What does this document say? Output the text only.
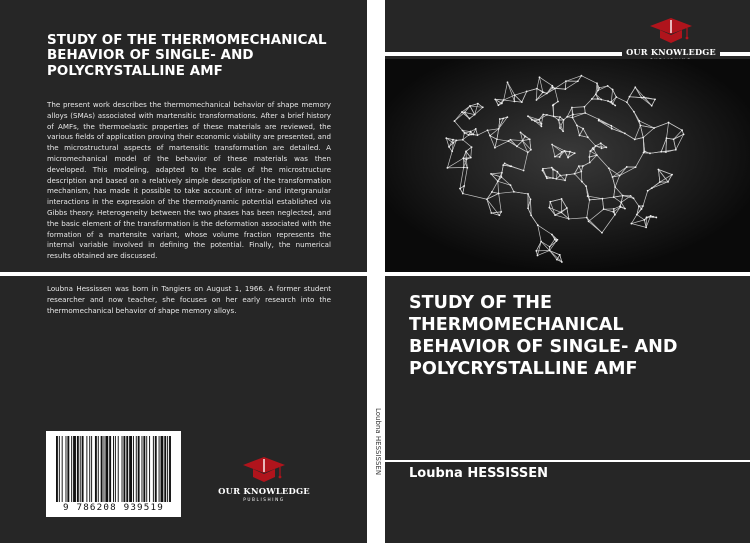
STUDY OF THE THERMOMECHANICAL BEHAVIOR OF SINGLE- AND POLYCRYSTALLINE AMF
The present work describes the thermomechanical behavior of shape memory alloys (SMAs) associated with martensitic transformations. After a brief history of AMFs, the thermoelastic properties of these materials are reviewed, the various fields of application proving their economic viability are presented, and the microstructural aspects of martensitic transformation are detailed. A micromechanical model of the behavior of these materials was then developed. This modeling, adapted to the scale of the microstructure description and based on a relatively simple description of the transformation mechanism, has made it possible to take account of intra- and intergranular interactions in the expression of the thermodynamic potential established via Gibbs theory. Heterogeneity between the two phases has been neglected, and the basic element of the transformation is the deformation associated with the formation of a martensite variant, whose volume fraction represents the internal variable involved in defining the potential. Finally, the numerical results obtained are discussed.
Loubna Hessissen was born in Tangiers on August 1, 1966. A former student researcher and now teacher, she focuses on her early research into the thermomechanical behavior of shape memory alloys.
9 786208 939519
OUR KNOWLEDGE
PUBLISHING
Loubna HESSISSEN
OUR KNOWLEDGE
STUDY OF THE THERMOMECHANICAL BEHAVIOR OF SINGLE- AND POLYCRYSTALLINE AMF
Loubna HESSISSEN
